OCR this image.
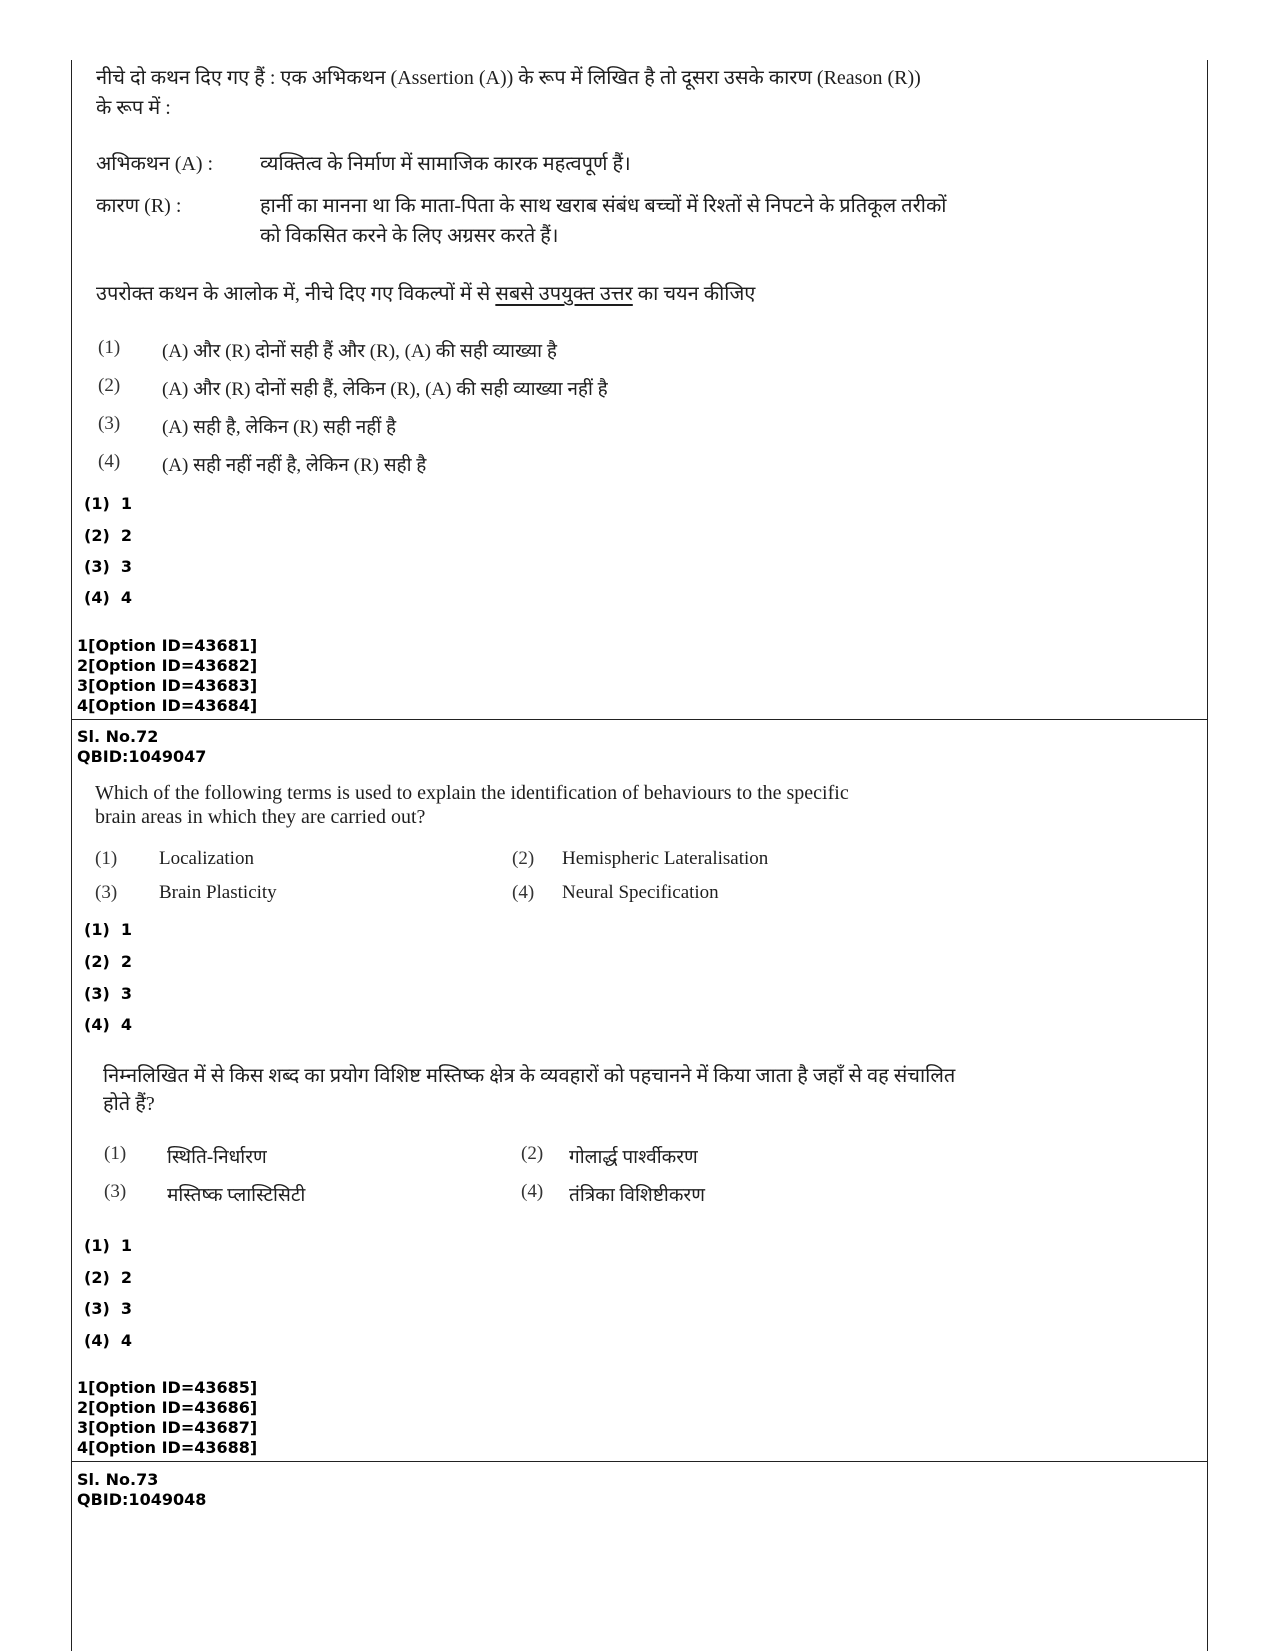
नीचे दो कथन दिए गए हैं : एक अभिकथन (Assertion (A)) के रूप में लिखित है तो दूसरा उसके कारण (Reason (R))
के रूप में :
अभिकथन (A) : व्यक्तित्व के निर्माण में सामाजिक कारक महत्वपूर्ण हैं।
कारण (R) :	हार्नी का मानना था कि माता-पिता के साथ खराब संबंध बच्चों में रिश्तों से निपटने के प्रतिकूल तरीकों
को विकसित करने के लिए अग्रसर करते हैं।
उपरोक्त कथन के आलोक में, नीचे दिए गए विकल्पों में से सबसे उपयुक्त उत्तर का चयन कीजिए
(1) (A) और (R) दोनों सही हैं और (R), (A) की सही व्याख्या है
(2) (A) और (R) दोनों सही हैं, लेकिन (R), (A) की सही व्याख्या नहीं है
(3) (A) सही है, लेकिन (R) सही नहीं है
(4) (A) सही नहीं नहीं है, लेकिन (R) सही है
(1)  1
(2)  2
(3)  3
(4)  4
1[Option ID=43681]
2[Option ID=43682]
3[Option ID=43683]
4[Option ID=43684]
Sl. No.72
QBID:1049047
Which of the following terms is used to explain the identification of behaviours to the specific
brain areas in which they are carried out?
(1) Localization	(2) Hemispheric Lateralisation
(3) Brain Plasticity	(4) Neural Specification
(1)  1
(2)  2
(3)  3
(4)  4
निम्नलिखित में से किस शब्द का प्रयोग विशिष्ट मस्तिष्क क्षेत्र के व्यवहारों को पहचानने में किया जाता है जहाँ से वह संचालित
होते हैं?
(1) स्थिति-निर्धारण	(2) गोलार्द्ध पार्श्वीकरण
(3) मस्तिष्क प्लास्टिसिटी	(4) तंत्रिका विशिष्टीकरण
(1)  1
(2)  2
(3)  3
(4)  4
1[Option ID=43685]
2[Option ID=43686]
3[Option ID=43687]
4[Option ID=43688]
Sl. No.73
QBID:1049048
